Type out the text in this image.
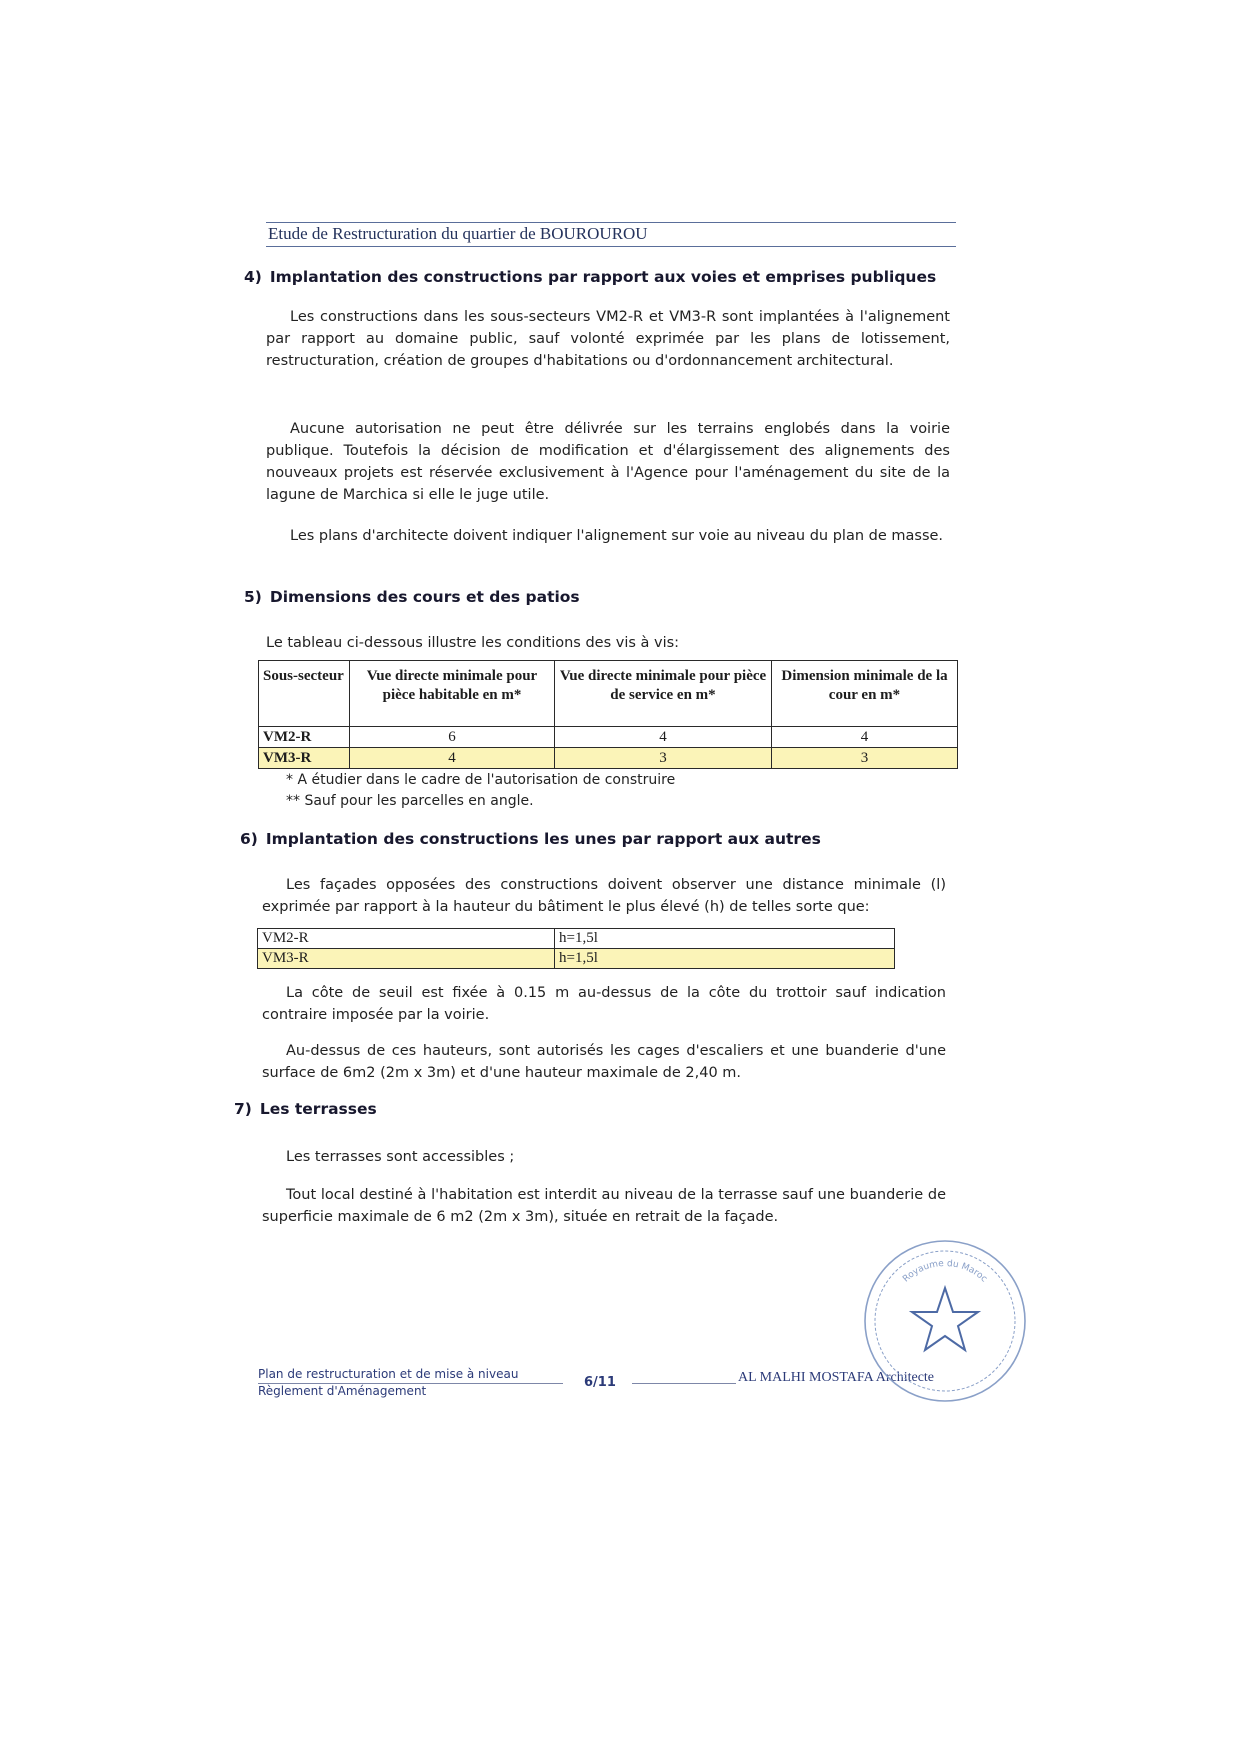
Etude de Restructuration du quartier de BOUROUROU
4) Implantation des constructions par rapport aux voies et emprises publiques
Les constructions dans les sous-secteurs VM2-R et VM3-R sont implantées à l'alignement par rapport au domaine public, sauf volonté exprimée par les plans de lotissement, restructuration, création de groupes d'habitations ou d'ordonnancement architectural.
Aucune autorisation ne peut être délivrée sur les terrains englobés dans la voirie publique. Toutefois la décision de modification et d'élargissement des alignements des nouveaux projets est réservée exclusivement à l'Agence pour l'aménagement du site de la lagune de Marchica si elle le juge utile.
Les plans d'architecte doivent indiquer l'alignement sur voie au niveau du plan de masse.
5) Dimensions des cours et des patios
Le tableau ci-dessous illustre les conditions des vis à vis:
Sous-secteur	Vue directe minimale pour pièce habitable en m*	Vue directe minimale pour pièce de service en m*	Dimension minimale de la cour en m*
VM2-R	6	4	4
VM3-R	4	3	3
* A étudier dans le cadre de l'autorisation de construire
** Sauf pour les parcelles en angle.
6) Implantation des constructions les unes par rapport aux autres
Les façades opposées des constructions doivent observer une distance minimale (l) exprimée par rapport à la hauteur du bâtiment le plus élevé (h) de telles sorte que:
VM2-R	h=1,5l
VM3-R	h=1,5l
La côte de seuil est fixée à 0.15 m au-dessus de la côte du trottoir sauf indication contraire imposée par la voirie.
Au-dessus de ces hauteurs, sont autorisés les cages d'escaliers et une buanderie d'une surface de 6m2 (2m x 3m) et d'une hauteur maximale de 2,40 m.
7) Les terrasses
Les terrasses sont accessibles ;
Tout local destiné à l'habitation est interdit au niveau de la terrasse sauf une buanderie de superficie maximale de 6 m2 (2m x 3m), située en retrait de la façade.
Plan de restructuration et de mise à niveau
Règlement d'Aménagement
6/11	AL MALHI MOSTAFA Architecte
Royaume du Maroc
